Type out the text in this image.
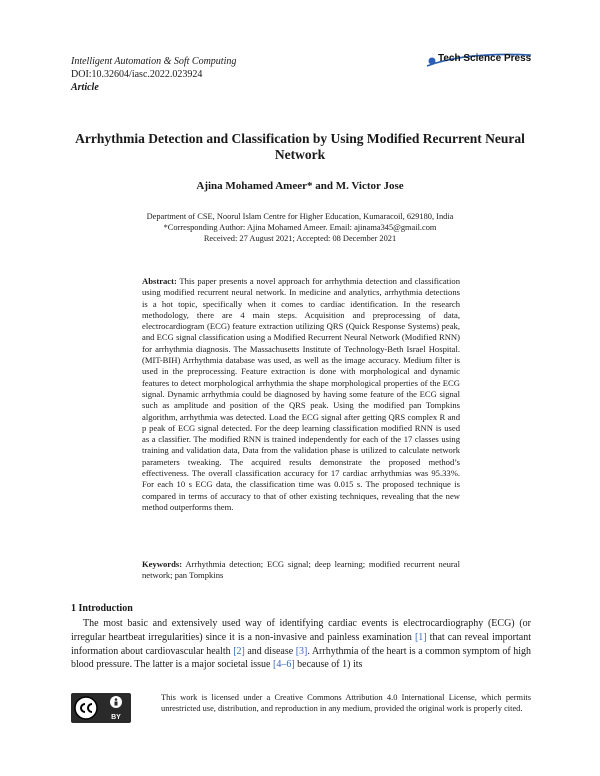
Intelligent Automation & Soft Computing
DOI:10.32604/iasc.2022.023924
Article
Tech Science Press
Arrhythmia Detection and Classification by Using Modified Recurrent Neural Network
Ajina Mohamed Ameer* and M. Victor Jose
Department of CSE, Noorul Islam Centre for Higher Education, Kumaracoil, 629180, India
*Corresponding Author: Ajina Mohamed Ameer. Email: ajinama345@gmail.com
Received: 27 August 2021; Accepted: 08 December 2021
Abstract: This paper presents a novel approach for arrhythmia detection and classification using modified recurrent neural network. In medicine and analytics, arrhythmia detections is a hot topic, specifically when it comes to cardiac identification. In the research methodology, there are 4 main steps. Acquisition and preprocessing of data, electrocardiogram (ECG) feature extraction utilizing QRS (Quick Response Systems) peak, and ECG signal classification using a Modified Recurrent Neural Network (Modified RNN) for arrhythmia diagnosis. The Massachusetts Institute of Technology-Beth Israel Hospital. (MIT-BIH) Arrhythmia database was used, as well as the image accuracy. Medium filter is used in the preprocessing. Feature extraction is done with morphological and dynamic features to detect morphological arrhythmia the shape morphological properties of the ECG signal. Dynamic arrhythmia could be diagnosed by having some feature of the ECG signal such as amplitude and position of the QRS peak. Using the modified pan Tompkins algorithm, arrhythmia was detected. Load the ECG signal after getting QRS complex R and p peak of ECG signal detected. For the deep learning classification modified RNN is used as a classifier. The modified RNN is trained independently for each of the 17 classes using training and validation data, Data from the validation phase is utilized to calculate network parameters tweaking. The acquired results demonstrate the proposed method’s effectiveness. The overall classification accuracy for 17 cardiac arrhythmias was 95.33%. For each 10 s ECG data, the classification time was 0.015 s. The proposed technique is compared in terms of accuracy to that of other existing techniques, revealing that the new method outperforms them.
Keywords: Arrhythmia detection; ECG signal; deep learning; modified recurrent neural network; pan Tompkins
1 Introduction
The most basic and extensively used way of identifying cardiac events is electrocardiography (ECG) (or irregular heartbeat irregularities) since it is a non-invasive and painless examination [1] that can reveal important information about cardiovascular health [2] and disease [3]. Arrhythmia of the heart is a common symptom of high blood pressure. The latter is a major societal issue [4–6] because of 1) its
BY
This work is licensed under a Creative Commons Attribution 4.0 International License, which permits unrestricted use, distribution, and reproduction in any medium, provided the original work is properly cited.
